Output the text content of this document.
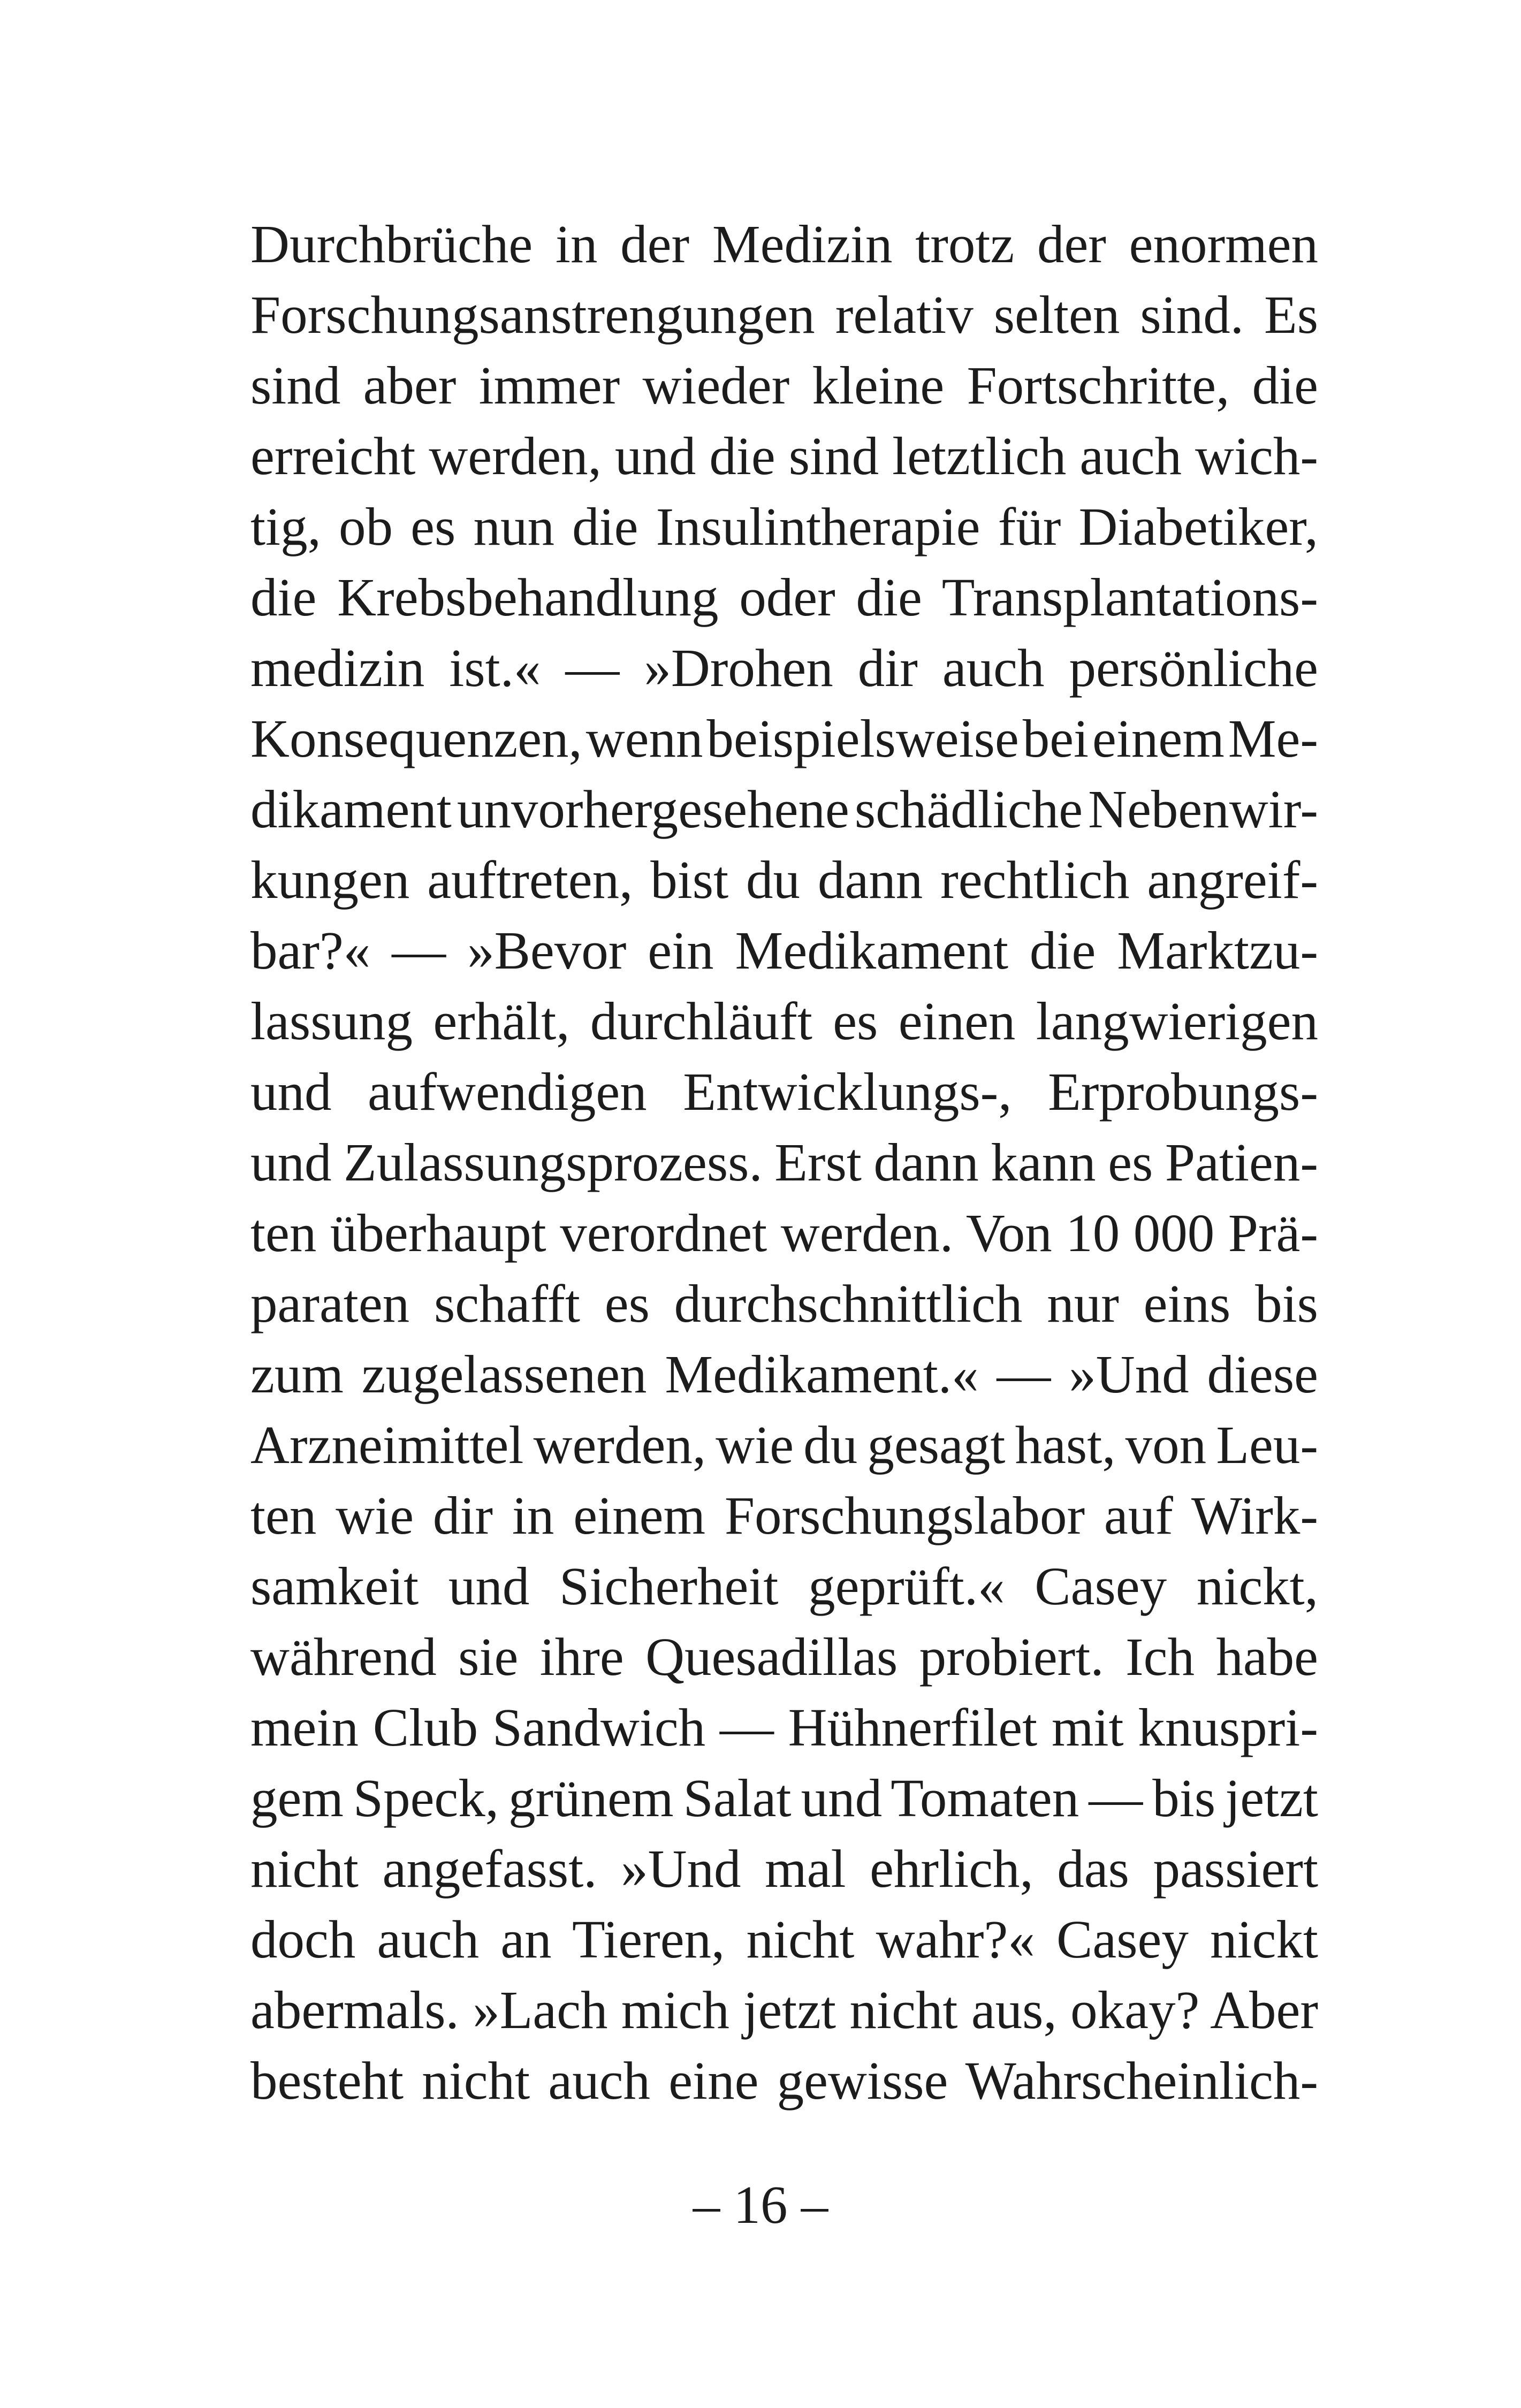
Durchbrüche in der Medizin trotz der enormen
Forschungsanstrengungen relativ selten sind. Es
sind aber immer wieder kleine Fortschritte, die
erreicht werden, und die sind letztlich auch wich-
tig, ob es nun die Insulintherapie für Diabetiker,
die Krebsbehandlung oder die Transplantations-
medizin ist.« — »Drohen dir auch persönliche
Konsequenzen, wenn beispielsweise bei einem Me-
dikament unvorhergesehene schädliche Nebenwir-
kungen auftreten, bist du dann rechtlich angreif-
bar?« — »Bevor ein Medikament die Marktzu-
lassung erhält, durchläuft es einen langwierigen
und aufwendigen Entwicklungs-, Erprobungs-
und Zulassungsprozess. Erst dann kann es Patien-
ten überhaupt verordnet werden. Von 10 000 Prä-
paraten schafft es durchschnittlich nur eins bis
zum zugelassenen Medikament.« — »Und diese
Arzneimittel werden, wie du gesagt hast, von Leu-
ten wie dir in einem Forschungslabor auf Wirk-
samkeit und Sicherheit geprüft.« Casey nickt,
während sie ihre Quesadillas probiert. Ich habe
mein Club Sandwich — Hühnerfilet mit knuspri-
gem Speck, grünem Salat und Tomaten — bis jetzt
nicht angefasst. »Und mal ehrlich, das passiert
doch auch an Tieren, nicht wahr?« Casey nickt
abermals. »Lach mich jetzt nicht aus, okay? Aber
besteht nicht auch eine gewisse Wahrscheinlich-
– 16 –
